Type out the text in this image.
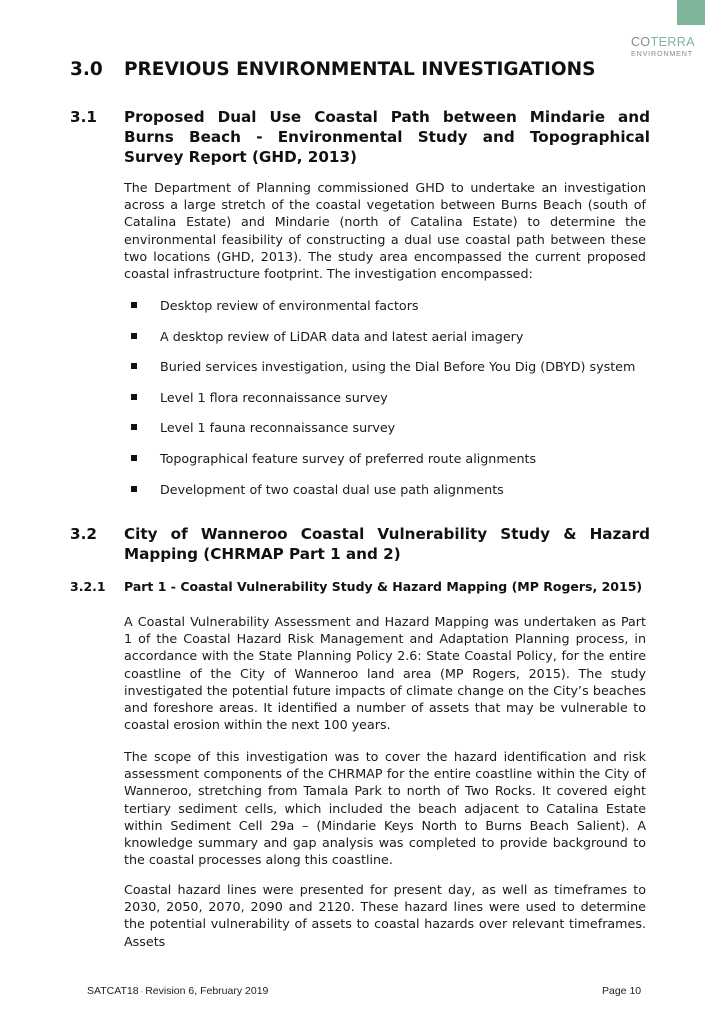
COTERRA
ENVIRONMENT
3.0 PREVIOUS ENVIRONMENTAL INVESTIGATIONS
3.1 Proposed Dual Use Coastal Path between Mindarie and Burns Beach - Environmental Study and Topographical Survey Report (GHD, 2013)

The Department of Planning commissioned GHD to undertake an investigation across a large stretch of the coastal vegetation between Burns Beach (south of Catalina Estate) and Mindarie (north of Catalina Estate) to determine the environmental feasibility of constructing a dual use coastal path between these two locations (GHD, 2013). The study area encompassed the current proposed coastal infrastructure footprint. The investigation encompassed:

Desktop review of environmental factors
A desktop review of LiDAR data and latest aerial imagery
Buried services investigation, using the Dial Before You Dig (DBYD) system
Level 1 flora reconnaissance survey
Level 1 fauna reconnaissance survey
Topographical feature survey of preferred route alignments
Development of two coastal dual use path alignments
3.2 City of Wanneroo Coastal Vulnerability Study & Hazard Mapping (CHRMAP Part 1 and 2)
3.2.1 Part 1 - Coastal Vulnerability Study & Hazard Mapping (MP Rogers, 2015)

A Coastal Vulnerability Assessment and Hazard Mapping was undertaken as Part 1 of the Coastal Hazard Risk Management and Adaptation Planning process, in accordance with the State Planning Policy 2.6: State Coastal Policy, for the entire coastline of the City of Wanneroo land area (MP Rogers, 2015). The study investigated the potential future impacts of climate change on the City’s beaches and foreshore areas. It identified a number of assets that may be vulnerable to coastal erosion within the next 100 years.

The scope of this investigation was to cover the hazard identification and risk assessment components of the CHRMAP for the entire coastline within the City of Wanneroo, stretching from Tamala Park to north of Two Rocks. It covered eight tertiary sediment cells, which included the beach adjacent to Catalina Estate within Sediment Cell 29a – (Mindarie Keys North to Burns Beach Salient). A knowledge summary and gap analysis was completed to provide background to the coastal processes along this coastline.

Coastal hazard lines were presented for present day, as well as timeframes to 2030, 2050, 2070, 2090 and 2120. These hazard lines were used to determine the potential vulnerability of assets to coastal hazards over relevant timeframes. Assets

SATCAT18 - Revision 6, February 2019	Page 10
